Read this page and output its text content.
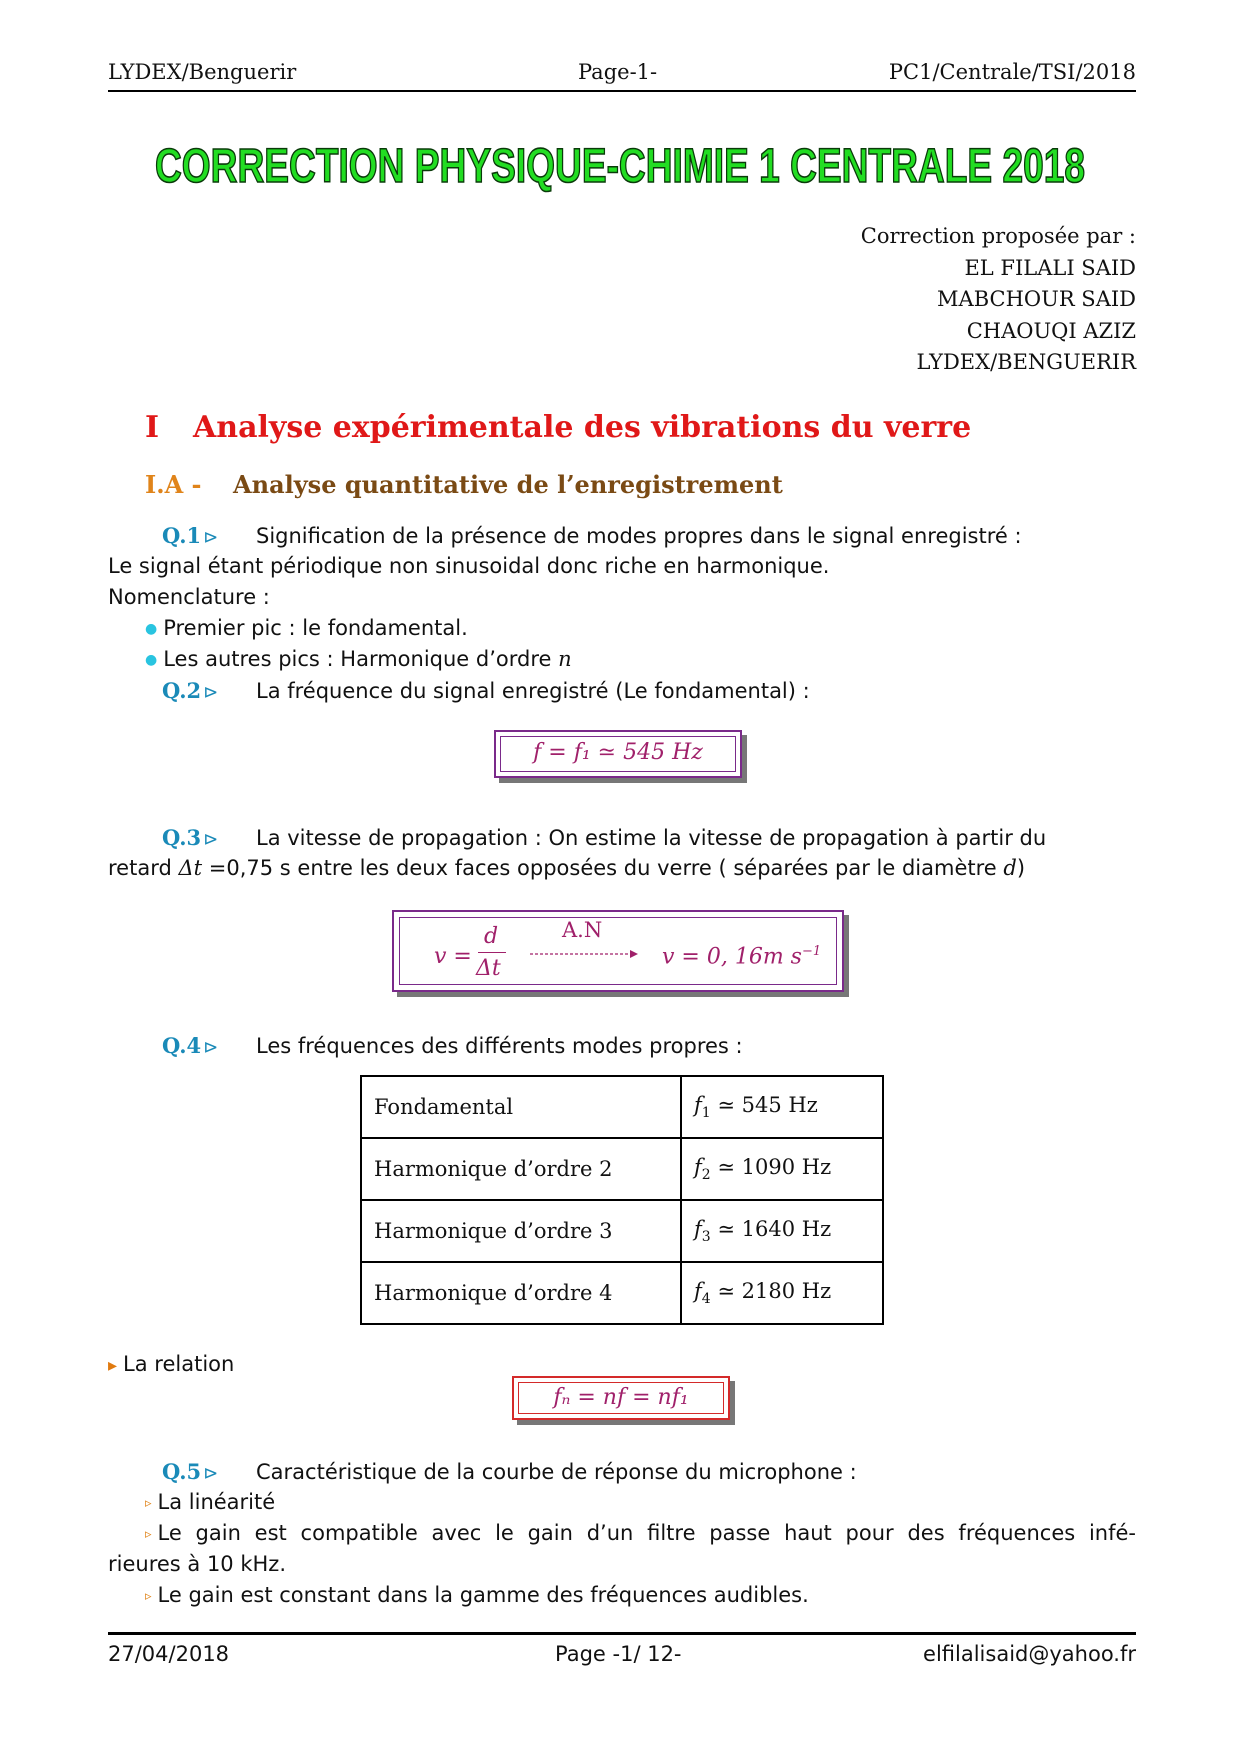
LYDEX/Benguerir	Page-1-	PC1/Centrale/TSI/2018
CORRECTION PHYSIQUE-CHIMIE 1 CENTRALE 2018
Correction proposée par :
EL FILALI SAID
MABCHOUR SAID
CHAOUQI AZIZ
LYDEX/BENGUERIR
I Analyse expérimentale des vibrations du verre
I.A - Analyse quantitative de l’enregistrement
Q.1 ⊳ Signification de la présence de modes propres dans le signal enregistré :
Le signal étant périodique non sinusoidal donc riche en harmonique.
Nomenclature :
● Premier pic : le fondamental.
● Les autres pics : Harmonique d’ordre n
Q.2 ⊳ La fréquence du signal enregistré (Le fondamental) :
f = f₁ ≃ 545 Hz
Q.3 ⊳ La vitesse de propagation : On estime la vitesse de propagation à partir du
retard Δt =0,75 s entre les deux faces opposées du verre ( séparées par le diamètre d)
v =
d
Δt
A.N
v = 0, 16m $s^{-1}$
Q.4 ⊳ Les fréquences des différents modes propres :
Fondamental	$f_1$ ≃ 545 Hz
Harmonique d’ordre 2	$f_2$ ≃ 1090 Hz
Harmonique d’ordre 3	$f_3$ ≃ 1640 Hz
Harmonique d’ordre 4	$f_4$ ≃ 2180 Hz
▸ La relation
fₙ = nf = nf₁
Q.5 ⊳ Caractéristique de la courbe de réponse du microphone :
▹ La linéarité
▹ Le gain est compatible avec le gain d’un filtre passe haut pour des fréquences infé-
rieures à 10 kHz.
▹ Le gain est constant dans la gamme des fréquences audibles.
27/04/2018	Page -1/ 12-	elfilalisaid@yahoo.fr
